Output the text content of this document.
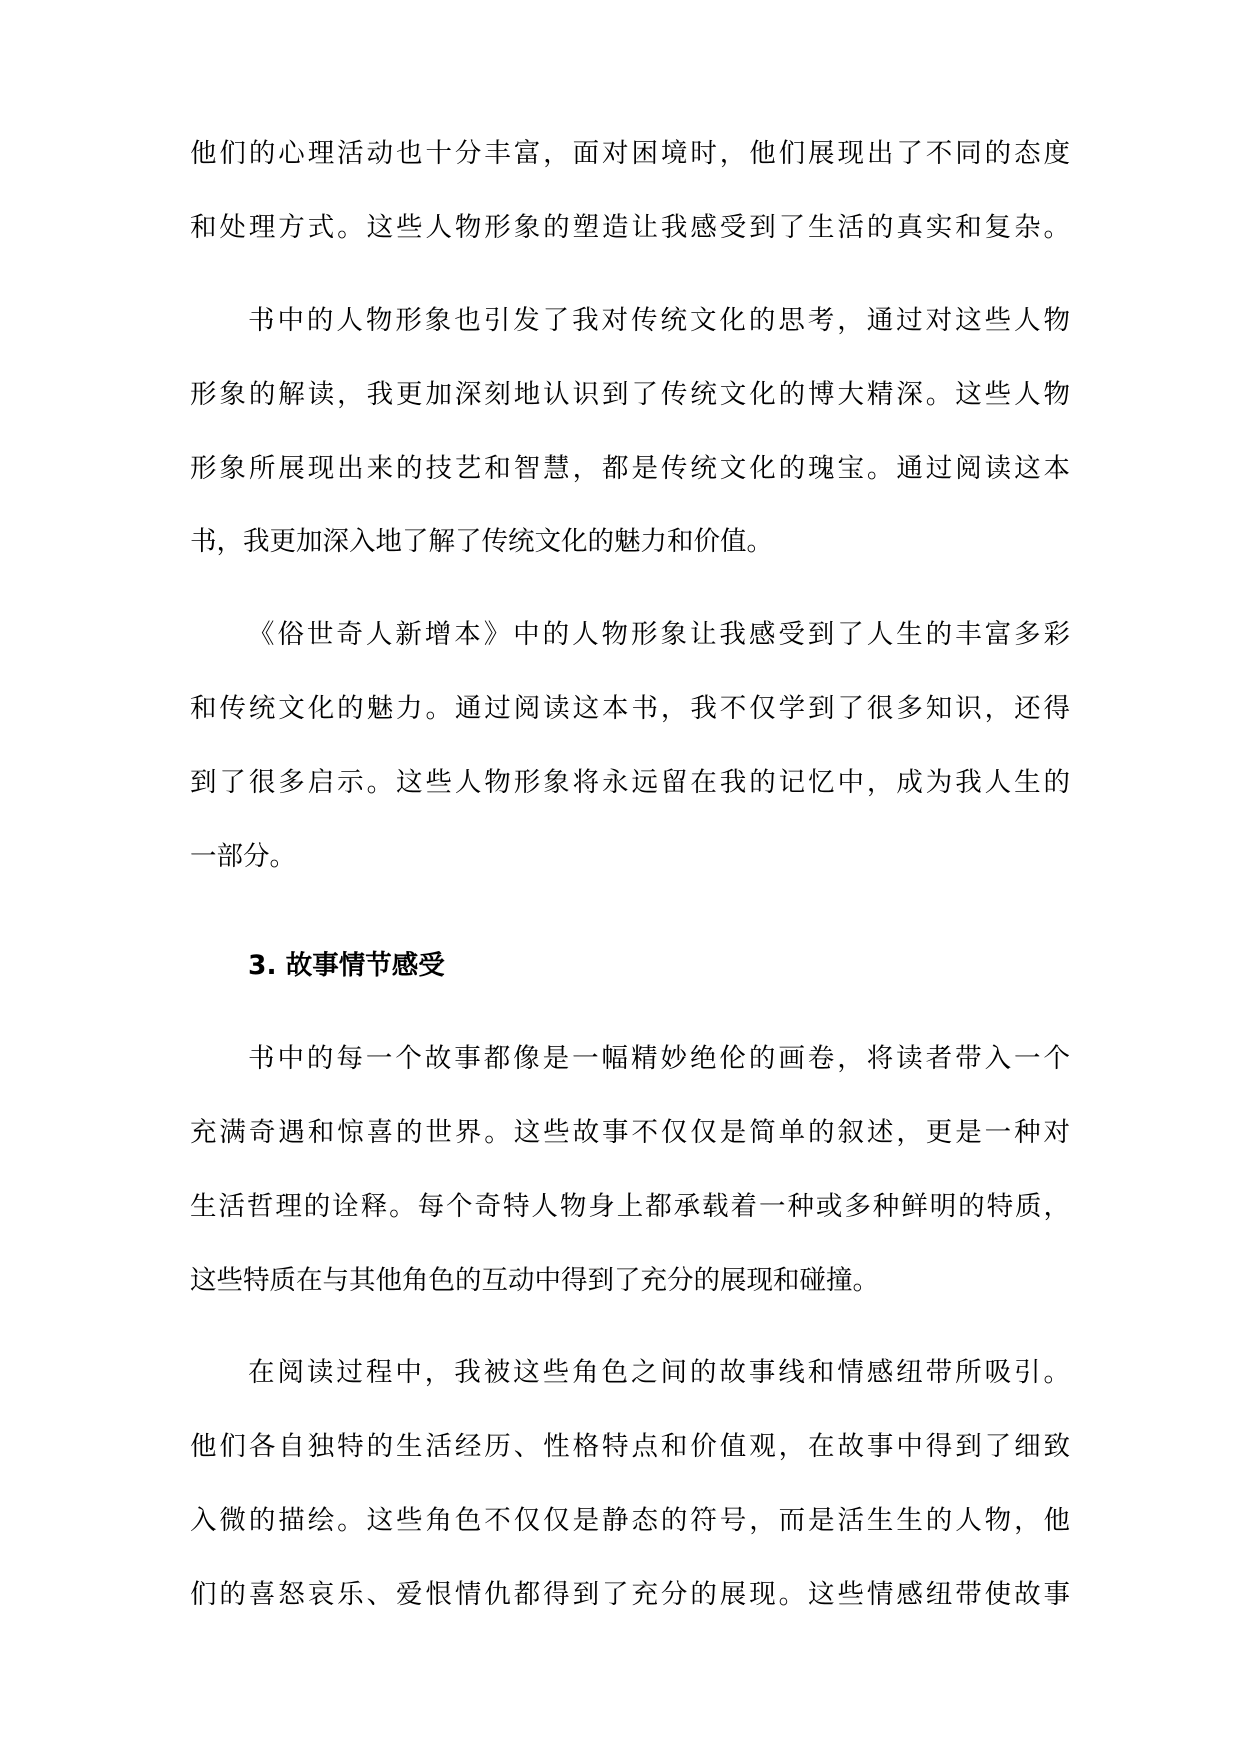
他们的心理活动也十分丰富，面对困境时，他们展现出了不同的态度
和处理方式。这些人物形象的塑造让我感受到了生活的真实和复杂。
书中的人物形象也引发了我对传统文化的思考，通过对这些人物
形象的解读，我更加深刻地认识到了传统文化的博大精深。这些人物
形象所展现出来的技艺和智慧，都是传统文化的瑰宝。通过阅读这本
书，我更加深入地了解了传统文化的魅力和价值。
《俗世奇人新增本》中的人物形象让我感受到了人生的丰富多彩
和传统文化的魅力。通过阅读这本书，我不仅学到了很多知识，还得
到了很多启示。这些人物形象将永远留在我的记忆中，成为我人生的
一部分。
3. 故事情节感受
书中的每一个故事都像是一幅精妙绝伦的画卷，将读者带入一个
充满奇遇和惊喜的世界。这些故事不仅仅是简单的叙述，更是一种对
生活哲理的诠释。每个奇特人物身上都承载着一种或多种鲜明的特质，
这些特质在与其他角色的互动中得到了充分的展现和碰撞。
在阅读过程中，我被这些角色之间的故事线和情感纽带所吸引。
他们各自独特的生活经历、性格特点和价值观，在故事中得到了细致
入微的描绘。这些角色不仅仅是静态的符号，而是活生生的人物，他
们的喜怒哀乐、爱恨情仇都得到了充分的展现。这些情感纽带使故事
